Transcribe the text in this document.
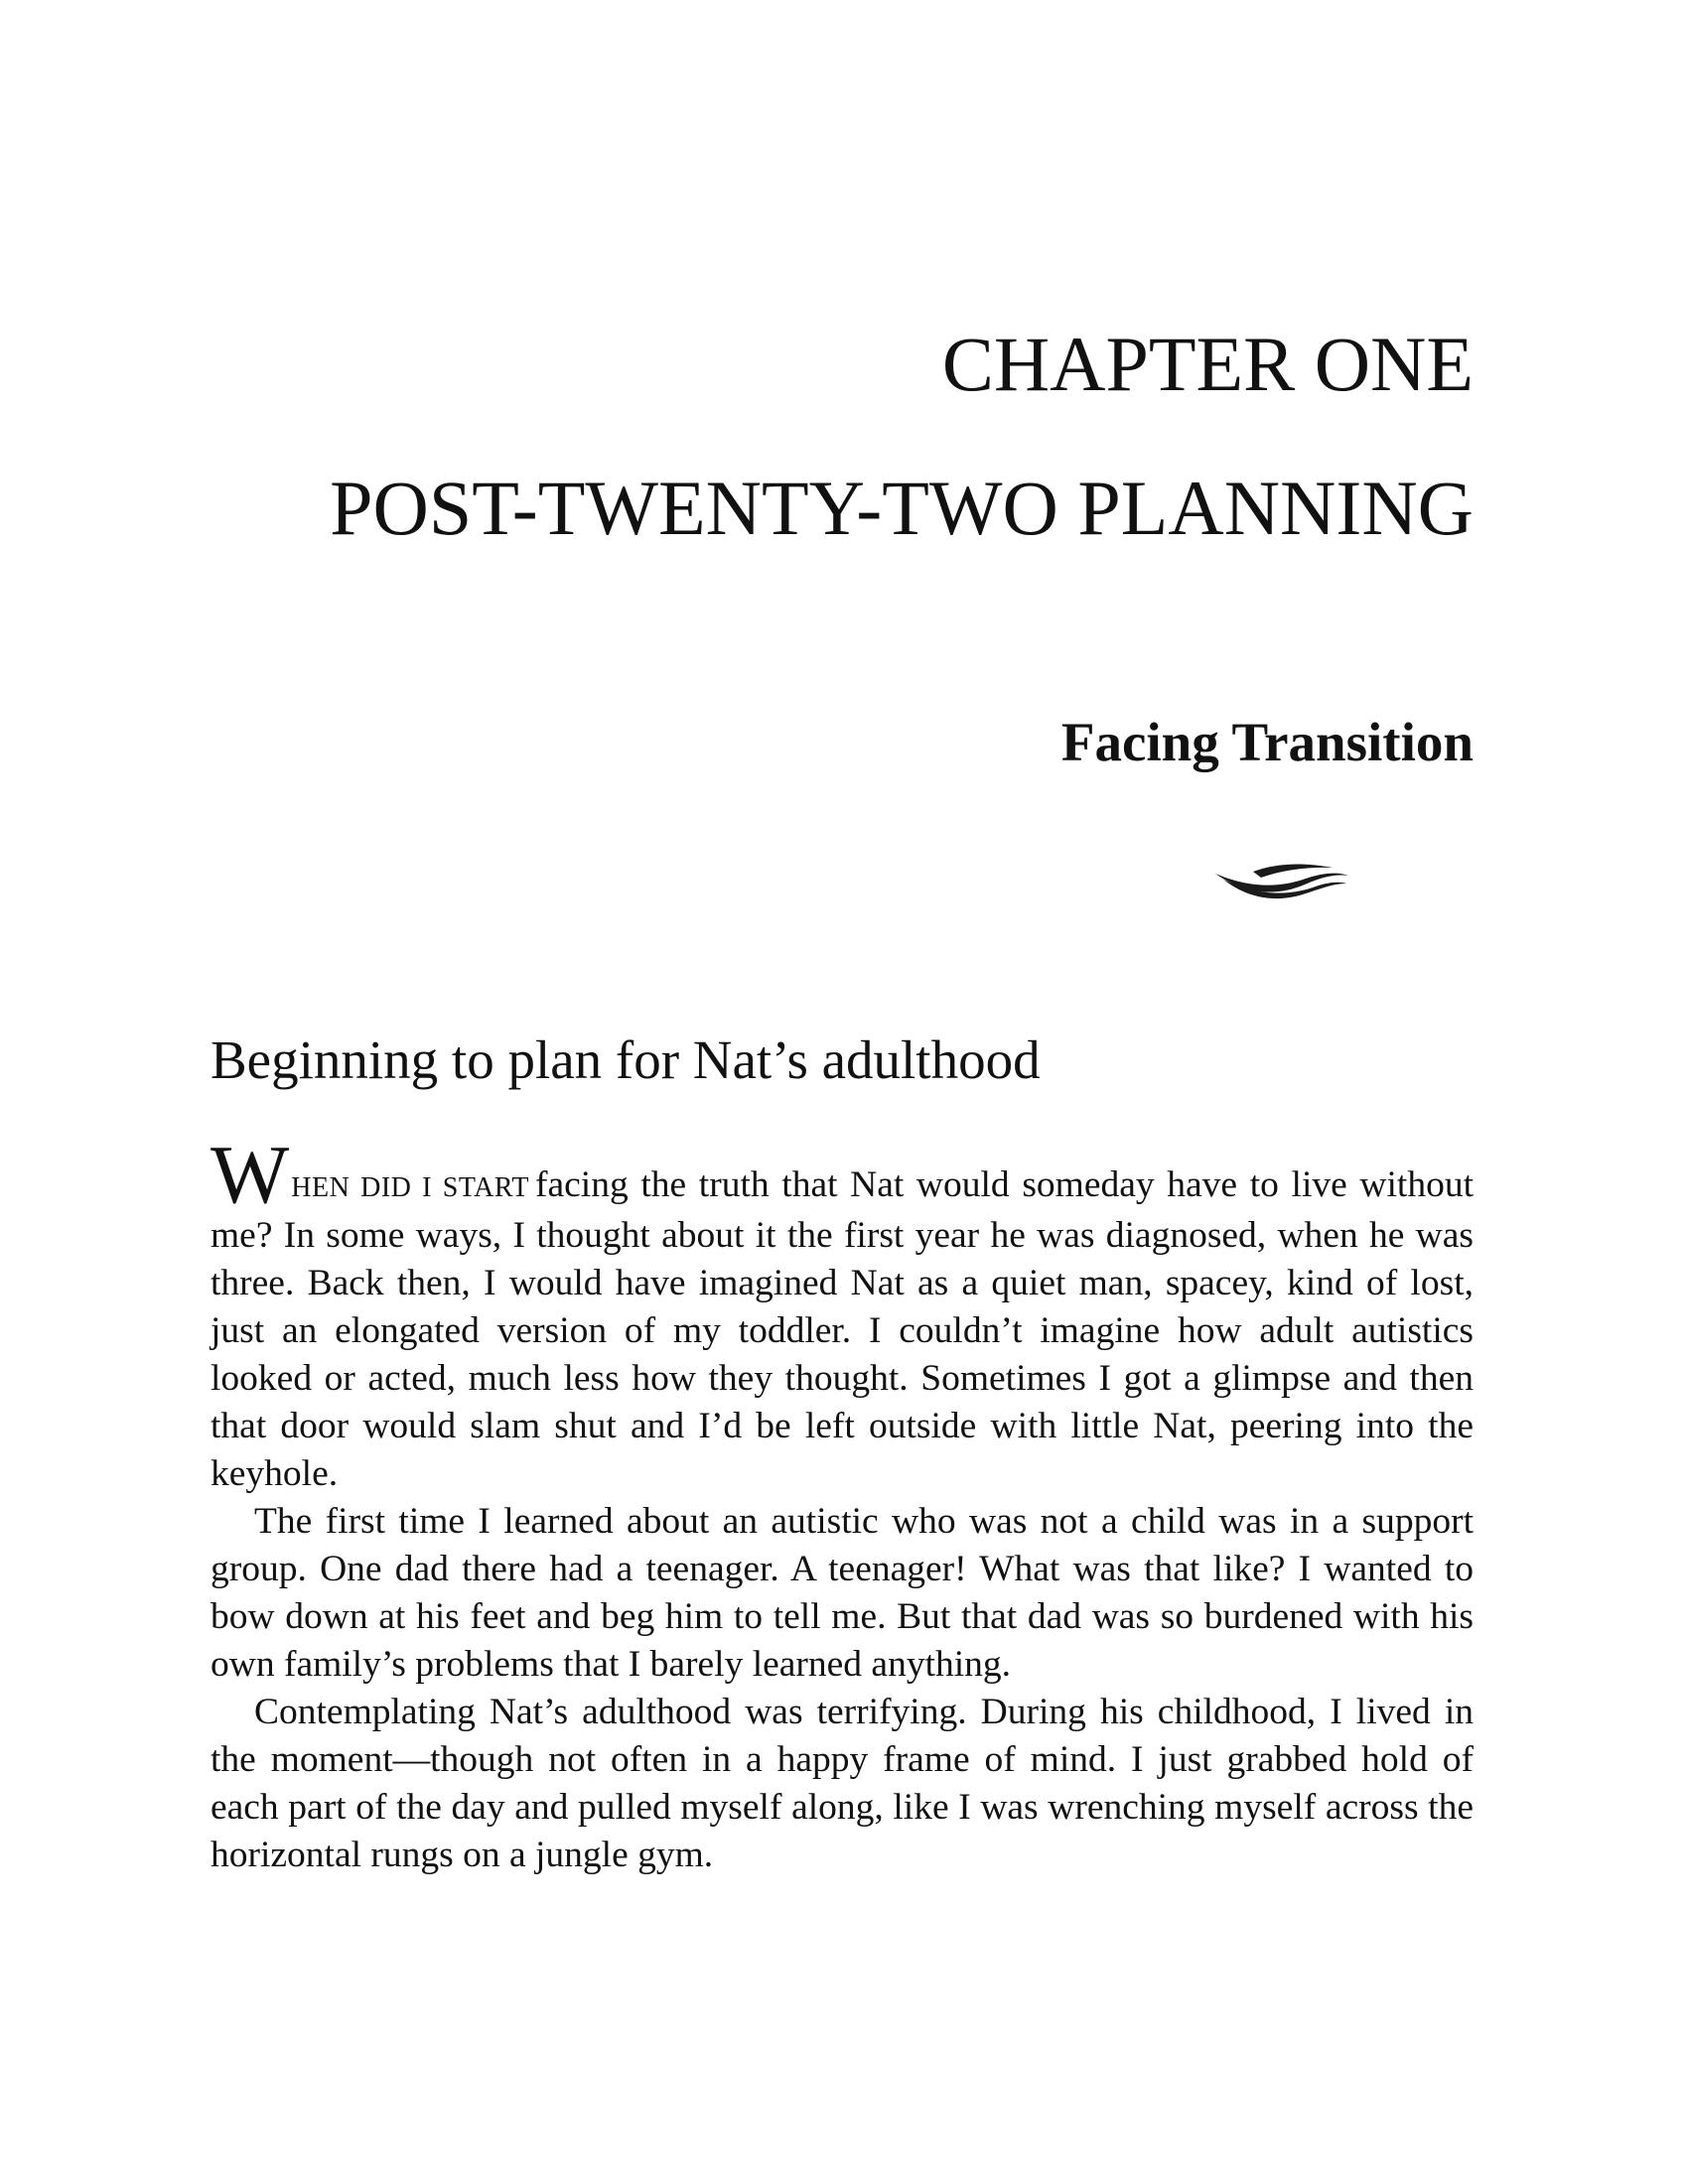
CHAPTER ONE
POST-TWENTY-TWO PLANNING
Facing Transition
Beginning to plan for Nat’s adulthood

WHEN DID I START facing the truth that Nat would someday have to live without me? In some ways, I thought about it the first year he was diagnosed, when he was three. Back then, I would have imagined Nat as a quiet man, spacey, kind of lost, just an elongated version of my toddler. I couldn’t imagine how adult autistics looked or acted, much less how they thought. Sometimes I got a glimpse and then that door would slam shut and I’d be left outside with little Nat, peering into the keyhole.

The first time I learned about an autistic who was not a child was in a support group. One dad there had a teenager. A teenager! What was that like? I wanted to bow down at his feet and beg him to tell me. But that dad was so burdened with his own family’s problems that I barely learned anything.

Contemplating Nat’s adulthood was terrifying. During his childhood, I lived in the moment—though not often in a happy frame of mind. I just grabbed hold of each part of the day and pulled myself along, like I was wrenching myself across the horizontal rungs on a jungle gym.
